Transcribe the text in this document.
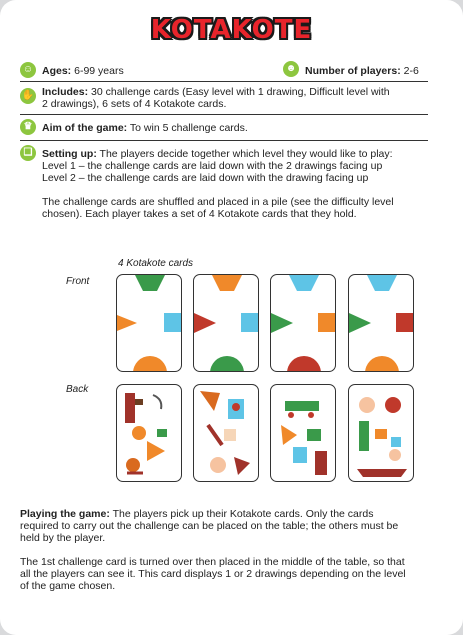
KOTAKOTE
☺ Ages: 6-99 years	☻ Number of players: 2-6
✋ Includes: 30 challenge cards (Easy level with 1 drawing, Difficult level with
2 drawings), 6 sets of 4 Kotakote cards.
♛ Aim of the game: To win 5 challenge cards.
❑ Setting up: The players decide together which level they would like to play:
Level 1 – the challenge cards are laid down with the 2 drawings facing up
Level 2 – the challenge cards are laid down with the drawing facing up
The challenge cards are shuffled and placed in a pile (see the difficulty level
chosen). Each player takes a set of 4 Kotakote cards that they hold.
4 Kotakote cards
Front
Back
Playing the game: The players pick up their Kotakote cards. Only the cards
required to carry out the challenge can be placed on the table; the others must be
held by the player.
The 1st challenge card is turned over then placed in the middle of the table, so that
all the players can see it. This card displays 1 or 2 drawings depending on the level
of the game chosen.
